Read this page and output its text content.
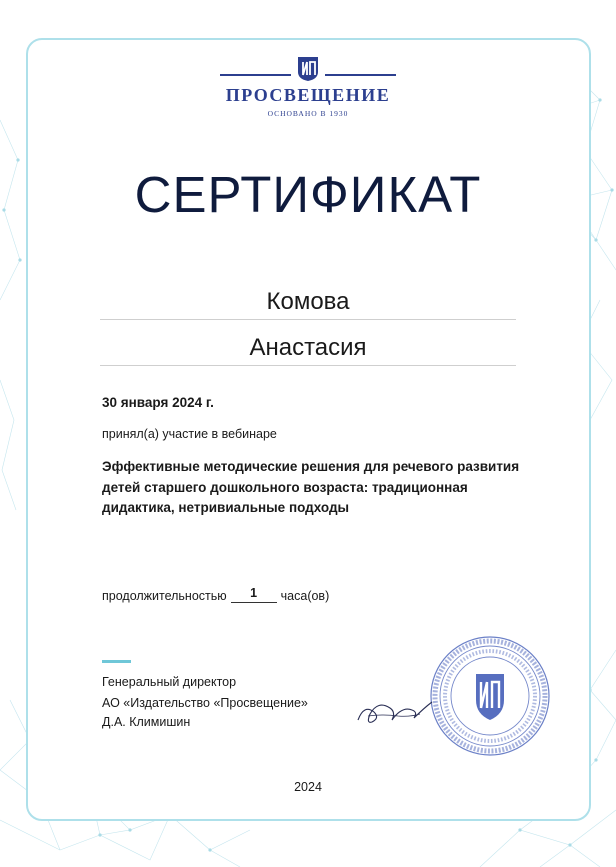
ПРОСВЕЩЕНИЕ
ОСНОВАНО В 1930
СЕРТИФИКАТ
Комова
Анастасия
30 января 2024 г.
принял(а) участие в вебинаре
Эффективные методические решения для речевого развития детей старшего дошкольного возраста: традиционная дидактика, нетривиальные подходы
продолжительностью	1	часа(ов)
Генеральный директор
АО «Издательство «Просвещение»
Д.А. Климишин
2024
